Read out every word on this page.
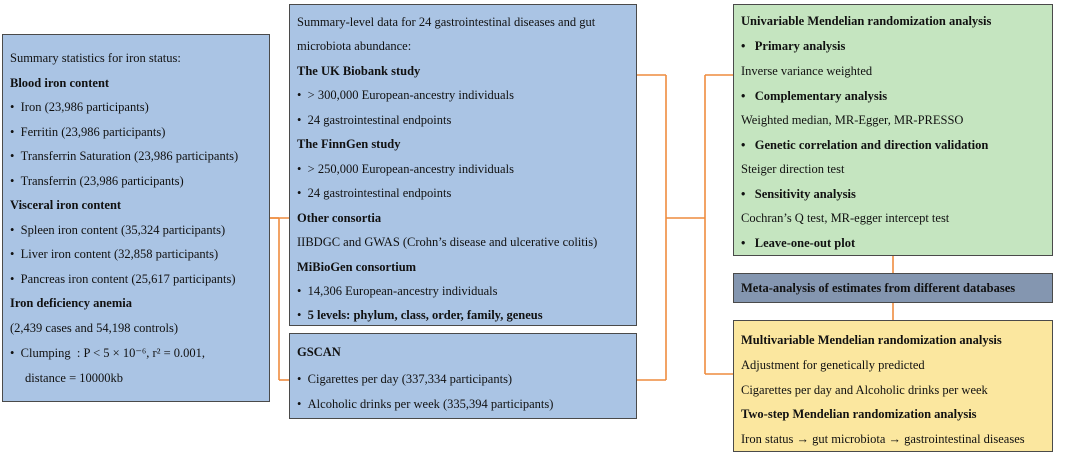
Summary statistics for iron status:
Blood iron content
• Iron (23,986 participants)
• Ferritin (23,986 participants)
• Transferrin Saturation (23,986 participants)
• Transferrin (23,986 participants)
Visceral iron content
• Spleen iron content (35,324 participants)
• Liver iron content (32,858 participants)
• Pancreas iron content (25,617 participants)
Iron deficiency anemia
(2,439 cases and 54,198 controls)
• Clumping : P < 5 × 10⁻⁶, r² = 0.001,
distance = 10000kb
Summary-level data for 24 gastrointestinal diseases and gut
microbiota abundance:
The UK Biobank study
• > 300,000 European-ancestry individuals
• 24 gastrointestinal endpoints
The FinnGen study
• > 250,000 European-ancestry individuals
• 24 gastrointestinal endpoints
Other consortia
IIBDGC and GWAS (Crohn’s disease and ulcerative colitis)
MiBioGen consortium
• 14,306 European-ancestry individuals
• 5 levels: phylum, class, order, family, geneus
GSCAN
• Cigarettes per day (337,334 participants)
• Alcoholic drinks per week (335,394 participants)
Univariable Mendelian randomization analysis
• Primary analysis
Inverse variance weighted
• Complementary analysis
Weighted median, MR-Egger, MR-PRESSO
• Genetic correlation and direction validation
Steiger direction test
• Sensitivity analysis
Cochran’s Q test, MR-egger intercept test
• Leave-one-out plot
Meta-analysis of estimates from different databases
Multivariable Mendelian randomization analysis
Adjustment for genetically predicted
Cigarettes per day and Alcoholic drinks per week
Two-step Mendelian randomization analysis
Iron status → gut microbiota → gastrointestinal diseases
